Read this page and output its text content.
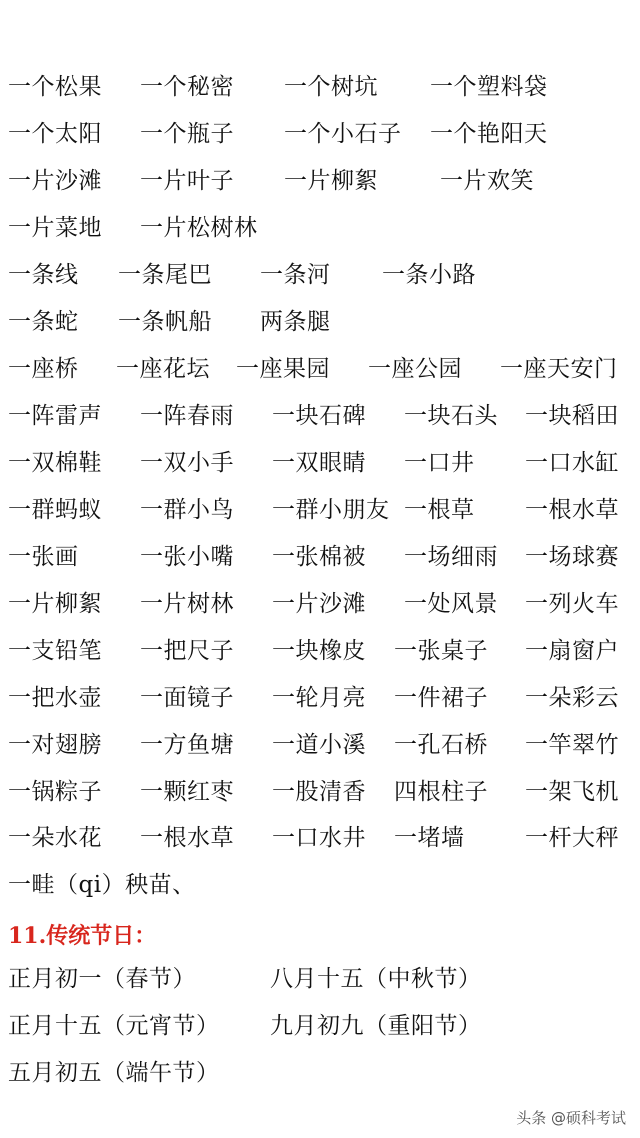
一个松果 一个秘密 一个树坑 一个塑料袋
一个太阳 一个瓶子 一个小石子 一个艳阳天
一片沙滩 一片叶子 一片柳絮	一片欢笑
一片菜地 一片松树林
一条线 一条尾巴 一条河 一条小路
一条蛇 一条帆船 两条腿
一座桥 一座花坛 一座果园 一座公园 一座天安门
一阵雷声 一阵春雨 一块石碑 一块石头 一块稻田
一双棉鞋 一双小手 一双眼睛 一口井 一口水缸
一群蚂蚁 一群小鸟 一群小朋友 一根草 一根水草
一张画	一张小嘴 一张棉被 一场细雨 一场球赛
一片柳絮 一片树林 一片沙滩 一处风景 一列火车
一支铅笔 一把尺子 一块橡皮 一张桌子 一扇窗户
一把水壶 一面镜子 一轮月亮 一件裙子 一朵彩云
一对翅膀 一方鱼塘 一道小溪 一孔石桥 一竿翠竹
一锅粽子 一颗红枣 一股清香 四根柱子 一架飞机
一朵水花 一根水草 一口水井 一堵墙	一杆大秤
一畦（qi）秧苗、
11.传统节日：
正月初一（春节）	八月十五（中秋节）
正月十五（元宵节） 九月初九（重阳节）
五月初五（端午节）
头条 @硕科考试
